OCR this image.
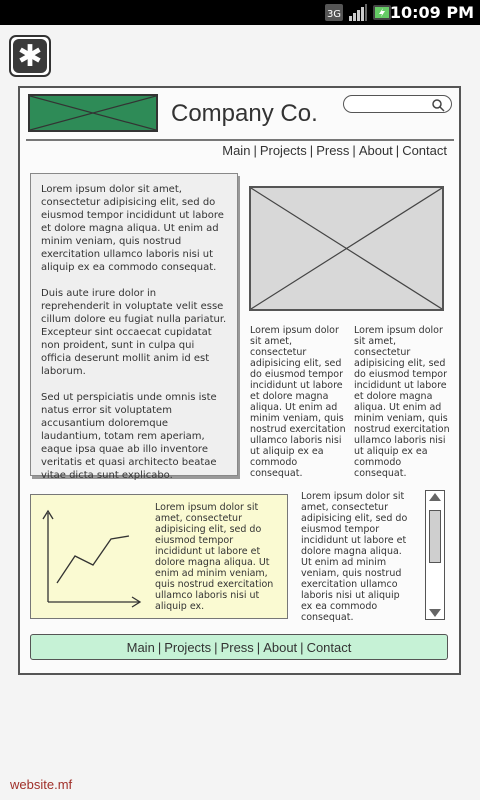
3G	10:09 PM
✱
Company Co.
Main | Projects | Press | About | Contact

Lorem ipsum dolor sit amet, consectetur adipisicing elit, sed do eiusmod tempor incididunt ut labore et dolore magna aliqua. Ut enim ad minim veniam, quis nostrud exercitation ullamco laboris nisi ut aliquip ex ea commodo consequat.

Duis aute irure dolor in reprehenderit in voluptate velit esse cillum dolore eu fugiat nulla pariatur. Excepteur sint occaecat cupidatat non proident, sunt in culpa qui officia deserunt mollit anim id est laborum.

Sed ut perspiciatis unde omnis iste natus error sit voluptatem accusantium doloremque laudantium, totam rem aperiam, eaque ipsa quae ab illo inventore veritatis et quasi architecto beatae vitae dicta sunt explicabo.

Lorem ipsum dolor sit amet, consectetur adipisicing elit, sed do eiusmod tempor incididunt ut labore et dolore magna aliqua. Ut enim ad minim veniam, quis nostrud exercitation ullamco laboris nisi ut aliquip ex ea commodo consequat.
Lorem ipsum dolor sit amet, consectetur adipisicing elit, sed do eiusmod tempor incididunt ut labore et dolore magna aliqua. Ut enim ad minim veniam, quis nostrud exercitation ullamco laboris nisi ut aliquip ex ea commodo consequat.
Lorem ipsum dolor sit amet, consectetur adipisicing elit, sed do eiusmod tempor incididunt ut labore et dolore magna aliqua. Ut enim ad minim veniam, quis nostrud exercitation ullamco laboris nisi ut aliquip ex.
Lorem ipsum dolor sit amet, consectetur adipisicing elit, sed do eiusmod tempor incididunt ut labore et dolore magna aliqua. Ut enim ad minim veniam, quis nostrud exercitation ullamco laboris nisi ut aliquip ex ea commodo consequat.
Main | Projects | Press | About | Contact
website.mf
